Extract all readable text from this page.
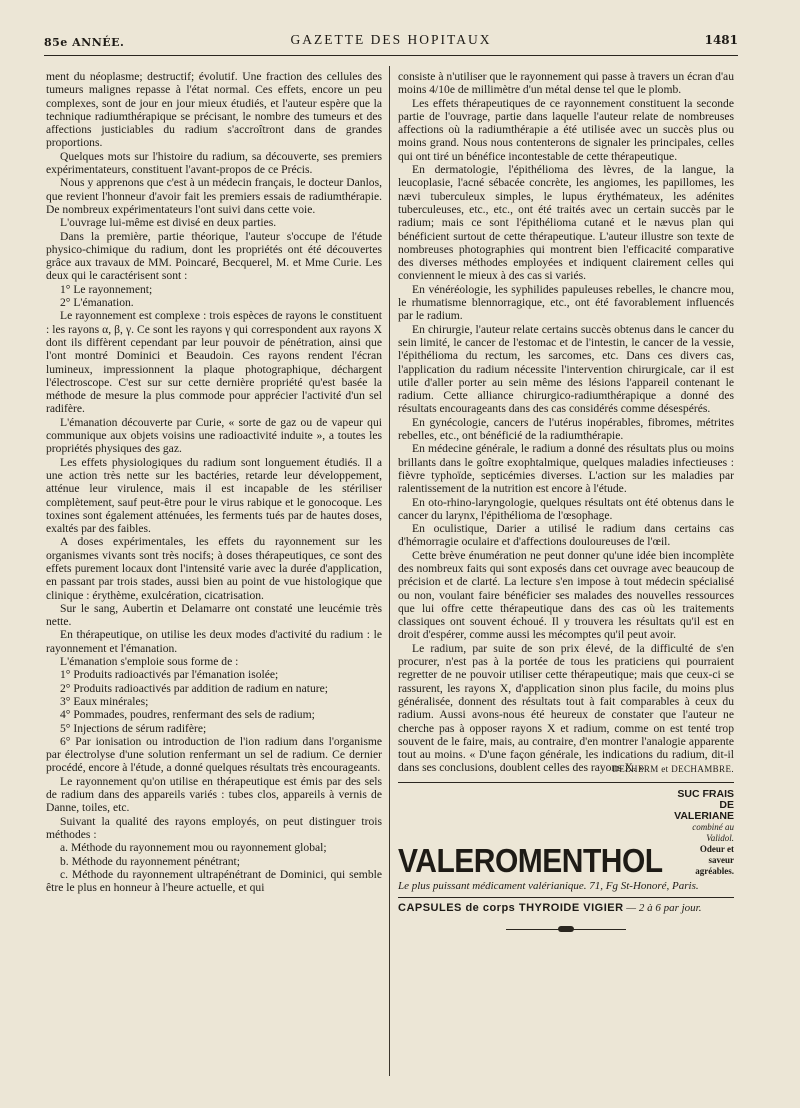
85e ANNÉE.	GAZETTE DES HOPITAUX	1481

ment du néoplasme; destructif; évolutif. Une fraction des cellules des tumeurs malignes repasse à l'état normal. Ces effets, encore un peu complexes, sont de jour en jour mieux étudiés, et l'auteur espère que la technique radiumthérapique se précisant, le nombre des tumeurs et des affections justiciables du radium s'accroîtront dans de grandes proportions.

Quelques mots sur l'histoire du radium, sa découverte, ses premiers expérimentateurs, constituent l'avant-propos de ce Précis.

Nous y apprenons que c'est à un médecin français, le docteur Danlos, que revient l'honneur d'avoir fait les premiers essais de radiumthérapie. De nombreux expérimentateurs l'ont suivi dans cette voie.

L'ouvrage lui-même est divisé en deux parties.

Dans la première, partie théorique, l'auteur s'occupe de l'étude physico-chimique du radium, dont les propriétés ont été découvertes grâce aux travaux de MM. Poincaré, Becquerel, M. et Mme Curie. Les deux qui le caractérisent sont :

1° Le rayonnement;

2° L'émanation.

Le rayonnement est complexe : trois espèces de rayons le constituent : les rayons α, β, γ. Ce sont les rayons γ qui correspondent aux rayons X dont ils diffèrent cependant par leur pouvoir de pénétration, ainsi que l'ont montré Dominici et Beaudoin. Ces rayons rendent l'écran lumineux, impressionnent la plaque photographique, déchargent l'électroscope. C'est sur sur cette dernière propriété qu'est basée la méthode de mesure la plus commode pour apprécier l'activité d'un sel radifère.

L'émanation découverte par Curie, « sorte de gaz ou de vapeur qui communique aux objets voisins une radioactivité induite », a toutes les propriétés physiques des gaz.

Les effets physiologiques du radium sont longuement étudiés. Il a une action très nette sur les bactéries, retarde leur développement, atténue leur virulence, mais il est incapable de les stériliser complètement, sauf peut-être pour le virus rabique et le gonocoque. Les toxines sont également atténuées, les ferments tués par de hautes doses, exaltés par des faibles.

A doses expérimentales, les effets du rayonnement sur les organismes vivants sont très nocifs; à doses thérapeutiques, ce sont des effets purement locaux dont l'intensité varie avec la durée d'application, en passant par trois stades, aussi bien au point de vue histologique que clinique : érythème, exulcération, cicatrisation.

Sur le sang, Aubertin et Delamarre ont constaté une leucémie très nette.

En thérapeutique, on utilise les deux modes d'activité du radium : le rayonnement et l'émanation.

L'émanation s'emploie sous forme de :

1° Produits radioactivés par l'émanation isolée;

2° Produits radioactivés par addition de radium en nature;

3° Eaux minérales;

4° Pommades, poudres, renfermant des sels de radium;

5° Injections de sérum radifère;

6° Par ionisation ou introduction de l'ion radium dans l'organisme par électrolyse d'une solution renfermant un sel de radium. Ce dernier procédé, encore à l'étude, a donné quelques résultats très encourageants.

Le rayonnement qu'on utilise en thérapeutique est émis par des sels de radium dans des appareils variés : tubes clos, appareils à vernis de Danne, toiles, etc.

Suivant la qualité des rayons employés, on peut distinguer trois méthodes :

a. Méthode du rayonnement mou ou rayonnement global;

b. Méthode du rayonnement pénétrant;

c. Méthode du rayonnement ultrapénétrant de Dominici, qui semble être le plus en honneur à l'heure actuelle, et qui

consiste à n'utiliser que le rayonnement qui passe à travers un écran d'au moins 4/10e de millimètre d'un métal dense tel que le plomb.

Les effets thérapeutiques de ce rayonnement constituent la seconde partie de l'ouvrage, partie dans laquelle l'auteur relate de nombreuses affections où la radiumthérapie a été utilisée avec un succès plus ou moins grand. Nous nous contenterons de signaler les principales, celles qui ont tiré un bénéfice incontestable de cette thérapeutique.

En dermatologie, l'épithélioma des lèvres, de la langue, la leucoplasie, l'acné sébacée concrète, les angiomes, les papillomes, les nævi tuberculeux simples, le lupus érythémateux, les adénites tuberculeuses, etc., etc., ont été traités avec un certain succès par le radium; mais ce sont l'épithélioma cutané et le nævus plan qui bénéficient surtout de cette thérapeutique. L'auteur illustre son texte de nombreuses photographies qui montrent bien l'efficacité comparative des diverses méthodes employées et indiquent clairement celles qui conviennent le mieux à des cas si variés.

En vénéréologie, les syphilides papuleuses rebelles, le chancre mou, le rhumatisme blennorragique, etc., ont été favorablement influencés par le radium.

En chirurgie, l'auteur relate certains succès obtenus dans le cancer du sein limité, le cancer de l'estomac et de l'intestin, le cancer de la vessie, l'épithélioma du rectum, les sarcomes, etc. Dans ces divers cas, l'application du radium nécessite l'intervention chirurgicale, car il est utile d'aller porter au sein même des lésions l'appareil contenant le radium. Cette alliance chirurgico-radiumthérapique a donné des résultats encourageants dans des cas considérés comme désespérés.

En gynécologie, cancers de l'utérus inopérables, fibromes, métrites rebelles, etc., ont bénéficié de la radiumthérapie.

En médecine générale, le radium a donné des résultats plus ou moins brillants dans le goître exophtalmique, quelques maladies infectieuses : fièvre typhoïde, septicémies diverses. L'action sur les maladies par ralentissement de la nutrition est encore à l'étude.

En oto-rhino-laryngologie, quelques résultats ont été obtenus dans le cancer du larynx, l'épithélioma de l'œsophage.

En oculistique, Darier a utilisé le radium dans certains cas d'hémorragie oculaire et d'affections douloureuses de l'œil.

Cette brève énumération ne peut donner qu'une idée bien incomplète des nombreux faits qui sont exposés dans cet ouvrage avec beaucoup de précision et de clarté. La lecture s'en impose à tout médecin spécialisé ou non, voulant faire bénéficier ses malades des nouvelles ressources que lui offre cette thérapeutique dans des cas où les traitements classiques ont souvent échoué. Il y trouvera les résultats qu'il est en droit d'espérer, comme aussi les mécomptes qu'il peut avoir.

Le radium, par suite de son prix élevé, de la difficulté de s'en procurer, n'est pas à la portée de tous les praticiens qui pourraient regretter de ne pouvoir utiliser cette thérapeutique; mais que ceux-ci se rassurent, les rayons X, d'application sinon plus facile, du moins plus généralisée, donnent des résultats tout à fait comparables à ceux du radium. Aussi avons-nous été heureux de constater que l'auteur ne cherche pas à opposer rayons X et radium, comme on est tenté trop souvent de le faire, mais, au contraire, d'en montrer l'analogie apparente tout au moins. « D'une façon générale, les indications du radium, dit-il dans ses conclusions, doublent celles des rayons X. »

DELHERM et DECHAMBRE.
VALEROMENTHOL
SUC FRAIS DE VALERIANE
combiné au Validol.
Odeur et saveur agréables.
Le plus puissant médicament valérianique. 71, Fg St-Honoré, Paris.
CAPSULES de corps THYROIDE VIGIER — 2 à 6 par jour.
